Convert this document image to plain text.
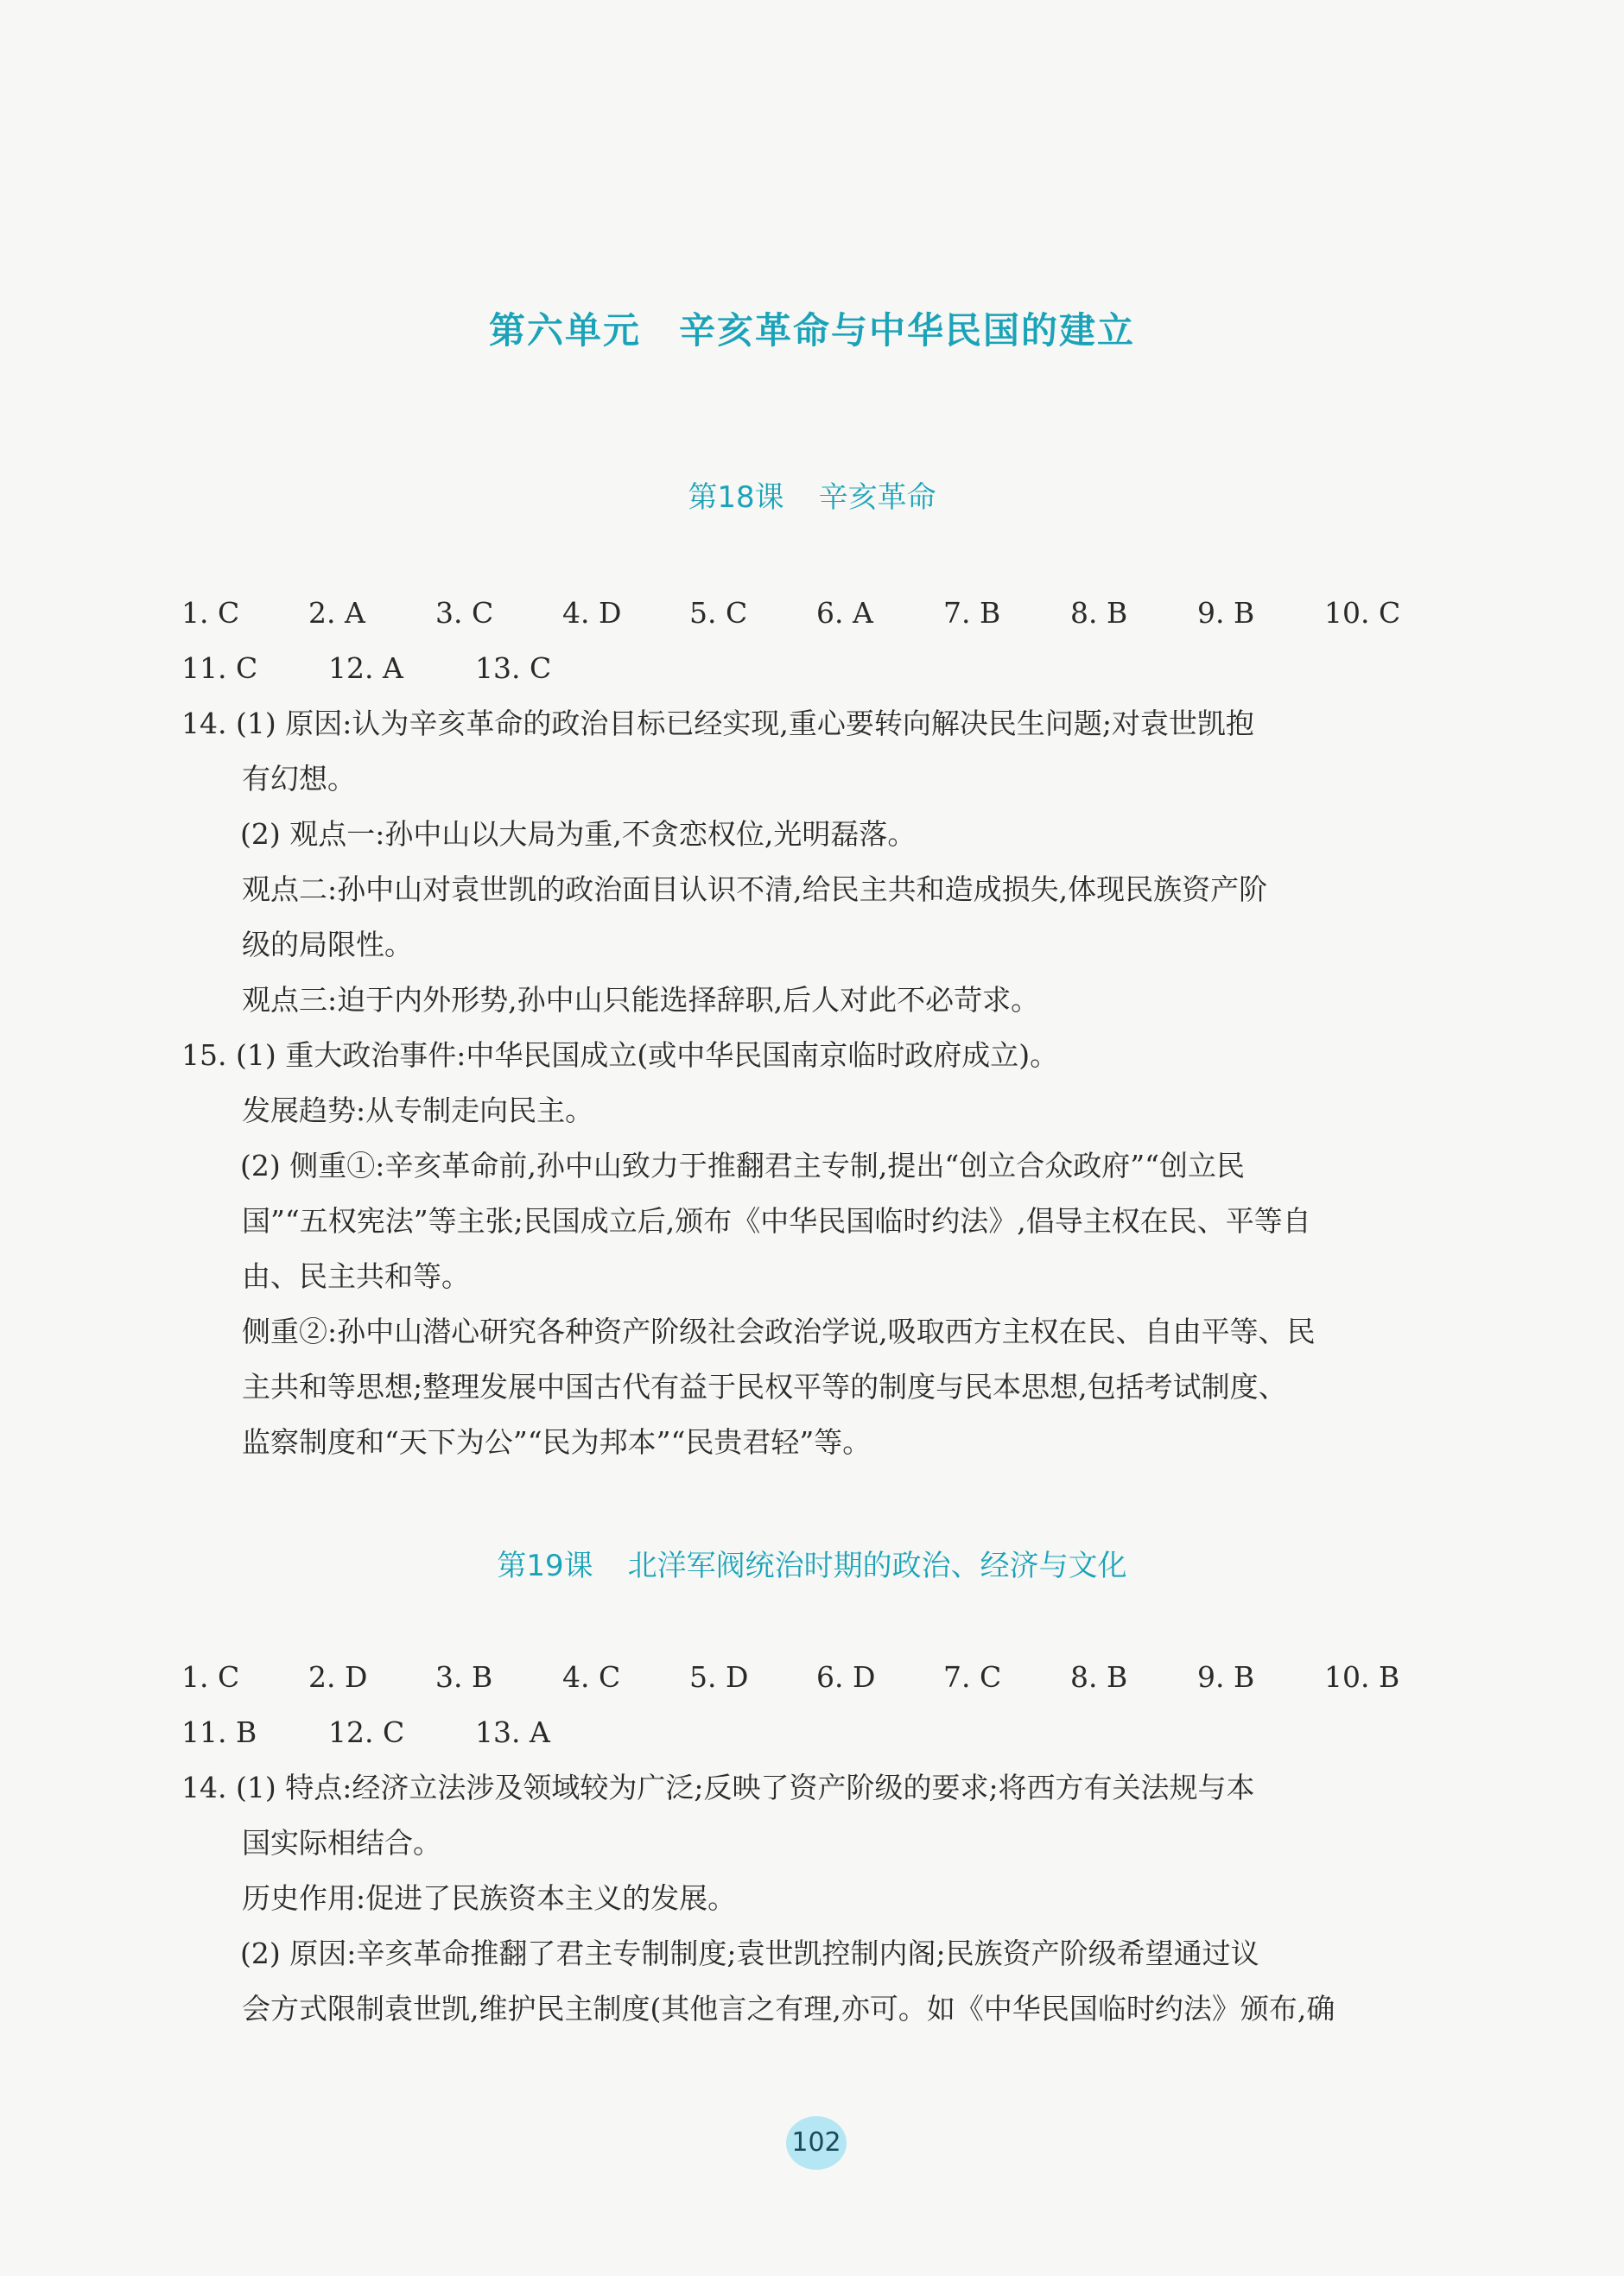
第六单元　辛亥革命与中华民国的建立
第18课 辛亥革命
1. C	2. A	3. C	4. D	5. C	6. A	7. B	8. B	9. B	10. C
11. C	12. A	13. C
14. (1) 原因:认为辛亥革命的政治目标已经实现,重心要转向解决民生问题;对袁世凯抱
有幻想。
(2) 观点一:孙中山以大局为重,不贪恋权位,光明磊落。
观点二:孙中山对袁世凯的政治面目认识不清,给民主共和造成损失,体现民族资产阶
级的局限性。
观点三:迫于内外形势,孙中山只能选择辞职,后人对此不必苛求。
15. (1) 重大政治事件:中华民国成立(或中华民国南京临时政府成立)。
发展趋势:从专制走向民主。
(2) 侧重①:辛亥革命前,孙中山致力于推翻君主专制,提出“创立合众政府”“创立民
国”“五权宪法”等主张;民国成立后,颁布《中华民国临时约法》,倡导主权在民、平等自
由、民主共和等。
侧重②:孙中山潜心研究各种资产阶级社会政治学说,吸取西方主权在民、自由平等、民
主共和等思想;整理发展中国古代有益于民权平等的制度与民本思想,包括考试制度、
监察制度和“天下为公”“民为邦本”“民贵君轻”等。
第19课 北洋军阀统治时期的政治、经济与文化
1. C	2. D	3. B	4. C	5. D	6. D	7. C	8. B	9. B	10. B
11. B	12. C	13. A
14. (1) 特点:经济立法涉及领域较为广泛;反映了资产阶级的要求;将西方有关法规与本
国实际相结合。
历史作用:促进了民族资本主义的发展。
(2) 原因:辛亥革命推翻了君主专制制度;袁世凯控制内阁;民族资产阶级希望通过议
会方式限制袁世凯,维护民主制度(其他言之有理,亦可。如《中华民国临时约法》颁布,确
102
